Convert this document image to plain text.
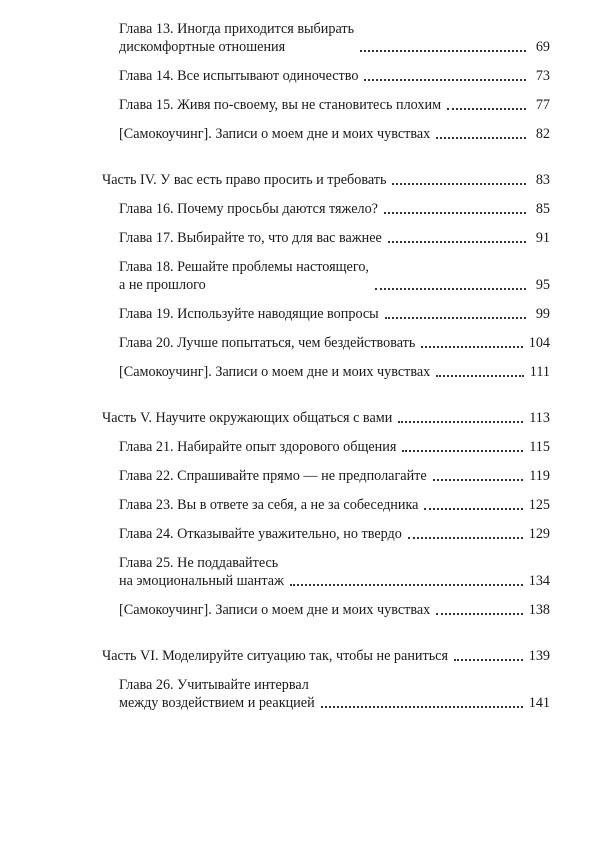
Глава 13. Иногда приходится выбирать
дискомфортные отношения	69
Глава 14. Все испытывают одиночество	73
Глава 15. Живя по-своему, вы не становитесь плохим	77
[Самокоучинг]. Записи о моем дне и моих чувствах	82
Часть IV. У вас есть право просить и требовать	83
Глава 16. Почему просьбы даются тяжело?	85
Глава 17. Выбирайте то, что для вас важнее	91
Глава 18. Решайте проблемы настоящего,
а не прошлого	95
Глава 19. Используйте наводящие вопросы	99
Глава 20. Лучше попытаться, чем бездействовать	104
[Самокоучинг]. Записи о моем дне и моих чувствах	111
Часть V. Научите окружающих общаться с вами	113
Глава 21. Набирайте опыт здорового общения	115
Глава 22. Спрашивайте прямо — не предполагайте	119
Глава 23. Вы в ответе за себя, а не за собеседника	125
Глава 24. Отказывайте уважительно, но твердо	129
Глава 25. Не поддавайтесь
на эмоциональный шантаж	134
[Самокоучинг]. Записи о моем дне и моих чувствах	138
Часть VI. Моделируйте ситуацию так, чтобы не раниться	139
Глава 26. Учитывайте интервал
между воздействием и реакцией	141
